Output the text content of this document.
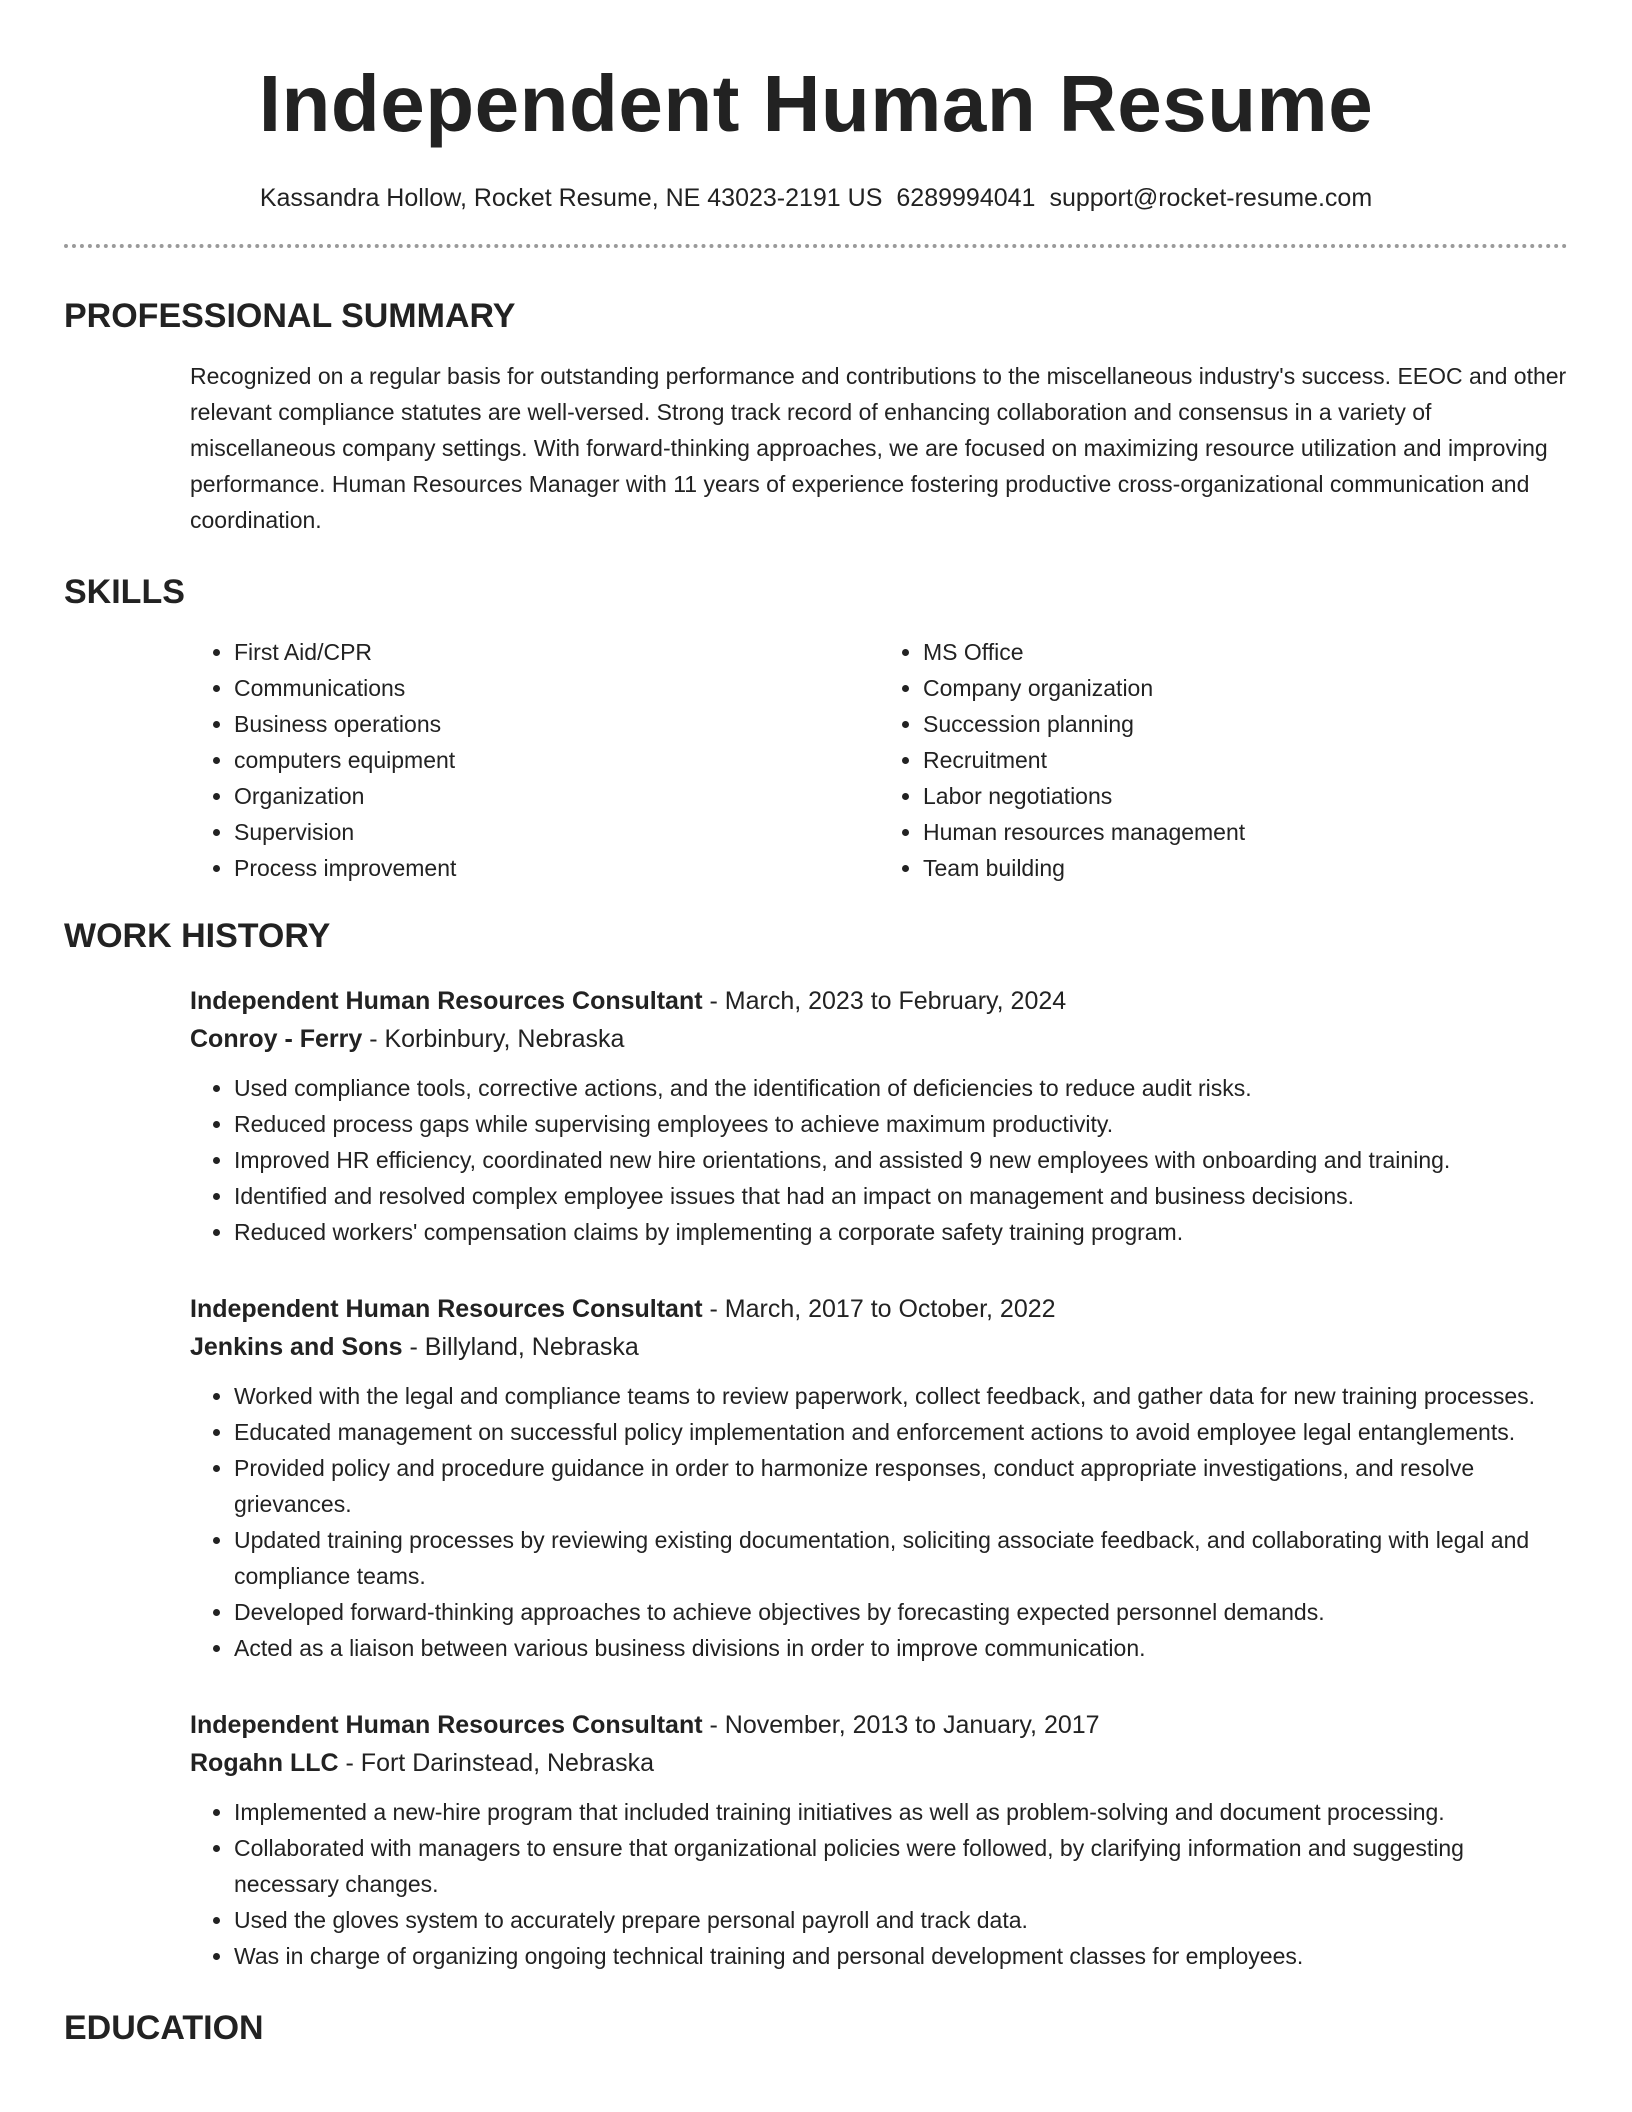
Independent Human Resume
Kassandra Hollow, Rocket Resume, NE 43023-2191 US 6289994041 support@rocket-resume.com
PROFESSIONAL SUMMARY
Recognized on a regular basis for outstanding performance and contributions to the miscellaneous industry's success. EEOC and other relevant compliance statutes are well-versed. Strong track record of enhancing collaboration and consensus in a variety of miscellaneous company settings. With forward-thinking approaches, we are focused on maximizing resource utilization and improving performance. Human Resources Manager with 11 years of experience fostering productive cross-organizational communication and coordination.
SKILLS
• First Aid/CPR
• Communications
• Business operations
• computers equipment
• Organization
• Supervision
• Process improvement
• MS Office
• Company organization
• Succession planning
• Recruitment
• Labor negotiations
• Human resources management
• Team building
WORK HISTORY
Independent Human Resources Consultant - March, 2023 to February, 2024
Conroy - Ferry - Korbinbury, Nebraska
• Used compliance tools, corrective actions, and the identification of deficiencies to reduce audit risks.
• Reduced process gaps while supervising employees to achieve maximum productivity.
• Improved HR efficiency, coordinated new hire orientations, and assisted 9 new employees with onboarding and training.
• Identified and resolved complex employee issues that had an impact on management and business decisions.
• Reduced workers' compensation claims by implementing a corporate safety training program.
Independent Human Resources Consultant - March, 2017 to October, 2022
Jenkins and Sons - Billyland, Nebraska
• Worked with the legal and compliance teams to review paperwork, collect feedback, and gather data for new training processes.
• Educated management on successful policy implementation and enforcement actions to avoid employee legal entanglements.
• Provided policy and procedure guidance in order to harmonize responses, conduct appropriate investigations, and resolve grievances.
• Updated training processes by reviewing existing documentation, soliciting associate feedback, and collaborating with legal and compliance teams.
• Developed forward-thinking approaches to achieve objectives by forecasting expected personnel demands.
• Acted as a liaison between various business divisions in order to improve communication.
Independent Human Resources Consultant - November, 2013 to January, 2017
Rogahn LLC - Fort Darinstead, Nebraska
• Implemented a new-hire program that included training initiatives as well as problem-solving and document processing.
• Collaborated with managers to ensure that organizational policies were followed, by clarifying information and suggesting necessary changes.
• Used the gloves system to accurately prepare personal payroll and track data.
• Was in charge of organizing ongoing technical training and personal development classes for employees.
EDUCATION
